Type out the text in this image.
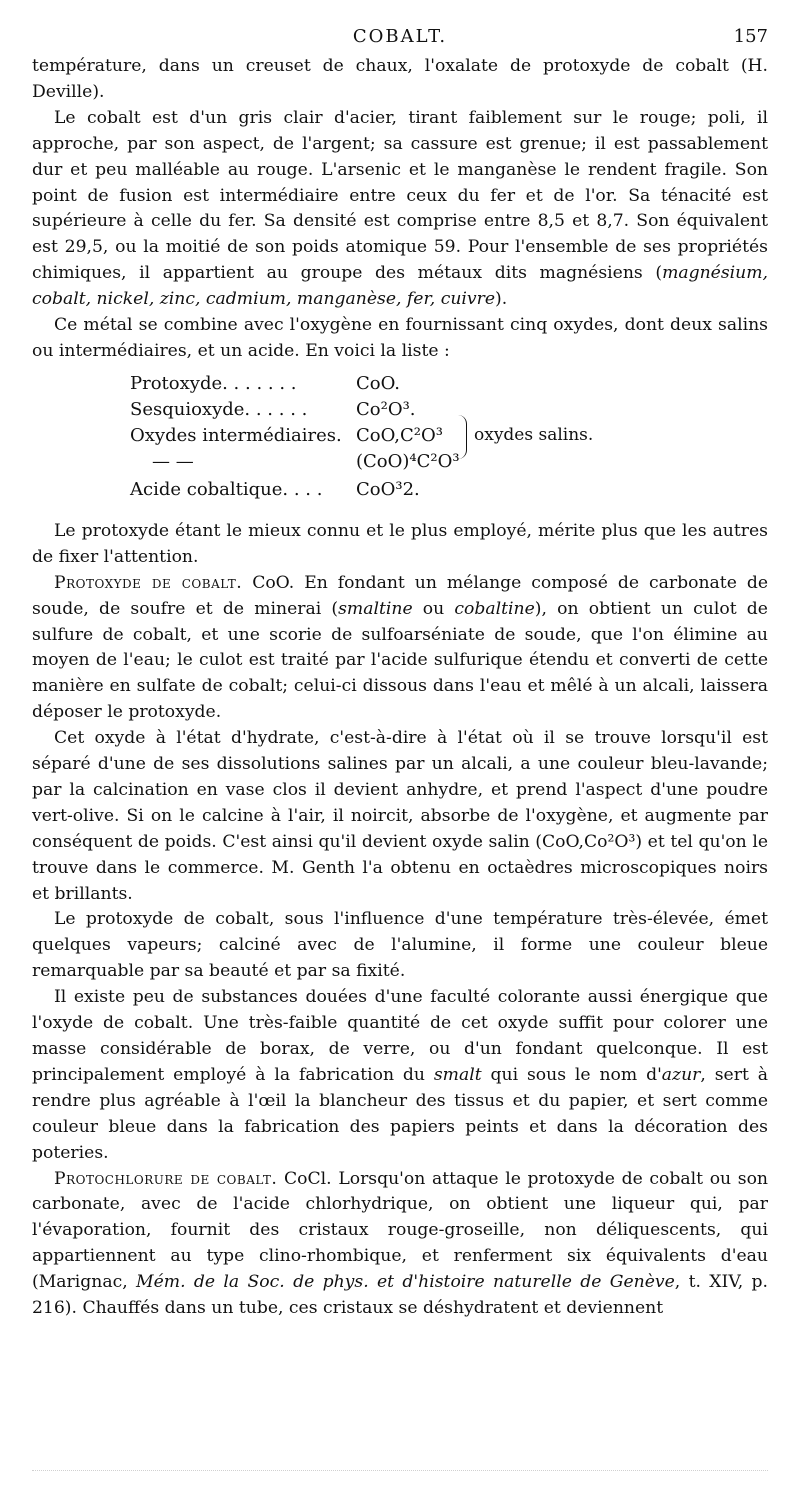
COBALT.	157

température, dans un creuset de chaux, l'oxalate de protoxyde de cobalt (H. Deville).

Le cobalt est d'un gris clair d'acier, tirant faiblement sur le rouge; poli, il approche, par son aspect, de l'argent; sa cassure est grenue; il est passablement dur et peu malléable au rouge. L'arsenic et le manganèse le rendent fragile. Son point de fusion est intermédiaire entre ceux du fer et de l'or. Sa ténacité est supérieure à celle du fer. Sa densité est comprise entre 8,5 et 8,7. Son équivalent est 29,5, ou la moitié de son poids atomique 59. Pour l'ensemble de ses propriétés chimiques, il appartient au groupe des métaux dits magnésiens (magnésium, cobalt, nickel, zinc, cadmium, manganèse, fer, cuivre).

Ce métal se combine avec l'oxygène en fournissant cinq oxydes, dont deux salins ou intermédiaires, et un acide. En voici la liste :

Protoxyde. . . . . . .	CoO.
Sesquioxyde. . . . . .	Co²O³.
Oxydes intermédiaires. CoO,C²O³
— —	(CoO)⁴C²O³
Acide cobaltique. . . . CoO³2.
oxydes salins.

Le protoxyde étant le mieux connu et le plus employé, mérite plus que les autres de fixer l'attention.

Protoxyde de cobalt. CoO. En fondant un mélange composé de carbonate de soude, de soufre et de minerai (smaltine ou cobaltine), on obtient un culot de sulfure de cobalt, et une scorie de sulfoarséniate de soude, que l'on élimine au moyen de l'eau; le culot est traité par l'acide sulfurique étendu et converti de cette manière en sulfate de cobalt; celui-ci dissous dans l'eau et mêlé à un alcali, laissera déposer le protoxyde.

Cet oxyde à l'état d'hydrate, c'est-à-dire à l'état où il se trouve lorsqu'il est séparé d'une de ses dissolutions salines par un alcali, a une couleur bleu-lavande; par la calcination en vase clos il devient anhydre, et prend l'aspect d'une poudre vert-olive. Si on le calcine à l'air, il noircit, absorbe de l'oxygène, et augmente par conséquent de poids. C'est ainsi qu'il devient oxyde salin (CoO,Co²O³) et tel qu'on le trouve dans le commerce. M. Genth l'a obtenu en octaèdres microscopiques noirs et brillants.

Le protoxyde de cobalt, sous l'influence d'une température très-élevée, émet quelques vapeurs; calciné avec de l'alumine, il forme une couleur bleue remarquable par sa beauté et par sa fixité.

Il existe peu de substances douées d'une faculté colorante aussi énergique que l'oxyde de cobalt. Une très-faible quantité de cet oxyde suffit pour colorer une masse considérable de borax, de verre, ou d'un fondant quelconque. Il est principalement employé à la fabrication du smalt qui sous le nom d'azur, sert à rendre plus agréable à l'œil la blancheur des tissus et du papier, et sert comme couleur bleue dans la fabrication des papiers peints et dans la décoration des poteries.

Protochlorure de cobalt. CoCl. Lorsqu'on attaque le protoxyde de cobalt ou son carbonate, avec de l'acide chlorhydrique, on obtient une liqueur qui, par l'évaporation, fournit des cristaux rouge-groseille, non déliquescents, qui appartiennent au type clino-rhombique, et renferment six équivalents d'eau (Marignac, Mém. de la Soc. de phys. et d'histoire naturelle de Genève, t. XIV, p. 216). Chauffés dans un tube, ces cristaux se déshydratent et deviennent
